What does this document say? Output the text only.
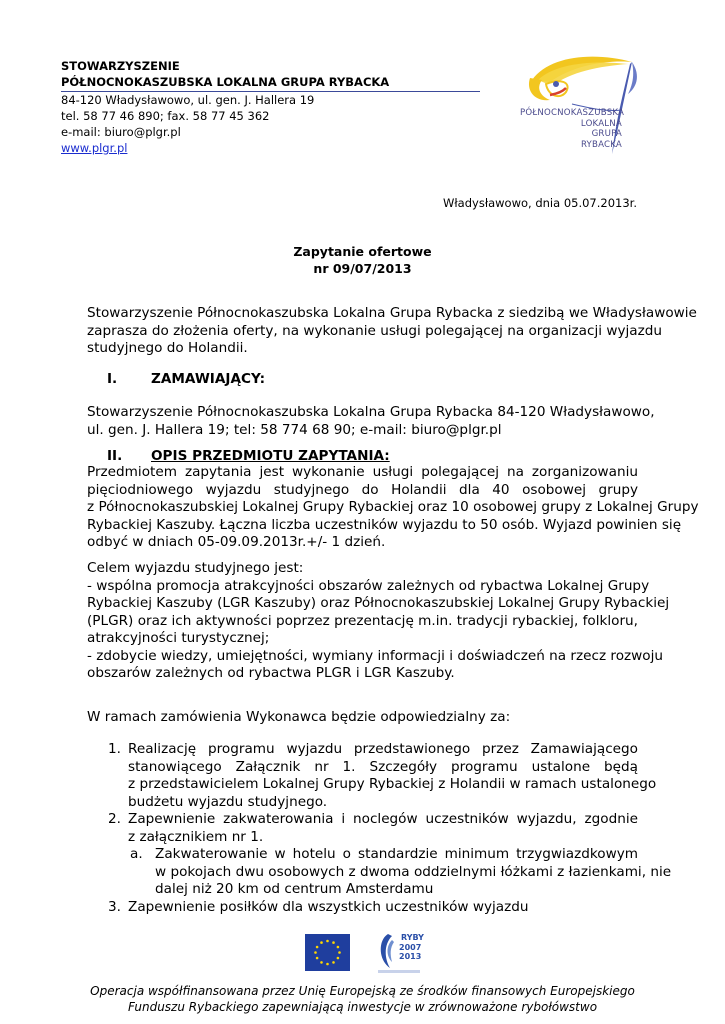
STOWARZYSZENIE
PÓŁNOCNOKASZUBSKA LOKALNA GRUPA RYBACKA
84-120 Władysławowo, ul. gen. J. Hallera 19
tel. 58 77 46 890; fax. 58 77 45 362
e-mail: biuro@plgr.pl
www.plgr.pl
PÓŁNOCNOKASZUBSKA
LOKALNA
GRUPA
RYBACKA
Władysławowo, dnia 05.07.2013r.
Zapytanie ofertowe
nr 09/07/2013
Stowarzyszenie Północnokaszubska Lokalna Grupa Rybacka z siedzibą we Władysławowie
zaprasza do złożenia oferty, na wykonanie usługi polegającej na organizacji wyjazdu
studyjnego do Holandii.
I. ZAMAWIAJĄCY:
Stowarzyszenie Północnokaszubska Lokalna Grupa Rybacka 84-120 Władysławowo,
ul. gen. J. Hallera 19; tel: 58 774 68 90; e-mail: biuro@plgr.pl
II. OPIS PRZEDMIOTU ZAPYTANIA:
Przedmiotem zapytania jest wykonanie usługi polegającej na zorganizowaniu
pięciodniowego wyjazdu studyjnego do Holandii dla 40 osobowej grupy
z Północnokaszubskiej Lokalnej Grupy Rybackiej oraz 10 osobowej grupy z Lokalnej Grupy
Rybackiej Kaszuby. Łączna liczba uczestników wyjazdu to 50 osób. Wyjazd powinien się
odbyć w dniach 05-09.09.2013r.+/- 1 dzień.
Celem wyjazdu studyjnego jest:
- wspólna promocja atrakcyjności obszarów zależnych od rybactwa Lokalnej Grupy
Rybackiej Kaszuby (LGR Kaszuby) oraz Północnokaszubskiej Lokalnej Grupy Rybackiej
(PLGR) oraz ich aktywności poprzez prezentację m.in. tradycji rybackiej, folkloru,
atrakcyjności turystycznej;
- zdobycie wiedzy, umiejętności, wymiany informacji i doświadczeń na rzecz rozwoju
obszarów zależnych od rybactwa PLGR i LGR Kaszuby.
W ramach zamówienia Wykonawca będzie odpowiedzialny za:
1. Realizację programu wyjazdu przedstawionego przez Zamawiającego
stanowiącego Załącznik nr 1. Szczegóły programu ustalone będą
z przedstawicielem Lokalnej Grupy Rybackiej z Holandii w ramach ustalonego
budżetu wyjazdu studyjnego.
2. Zapewnienie zakwaterowania i noclegów uczestników wyjazdu, zgodnie
z załącznikiem nr 1.
a. Zakwaterowanie w hotelu o standardzie minimum trzygwiazdkowym
w pokojach dwu osobowych z dwoma oddzielnymi łóżkami z łazienkami, nie
dalej niż 20 km od centrum Amsterdamu
3. Zapewnienie posiłków dla wszystkich uczestników wyjazdu
RYBY
2007
2013
Operacja współfinansowana przez Unię Europejską ze środków finansowych Europejskiego
Funduszu Rybackiego zapewniającą inwestycje w zrównoważone rybołówstwo
